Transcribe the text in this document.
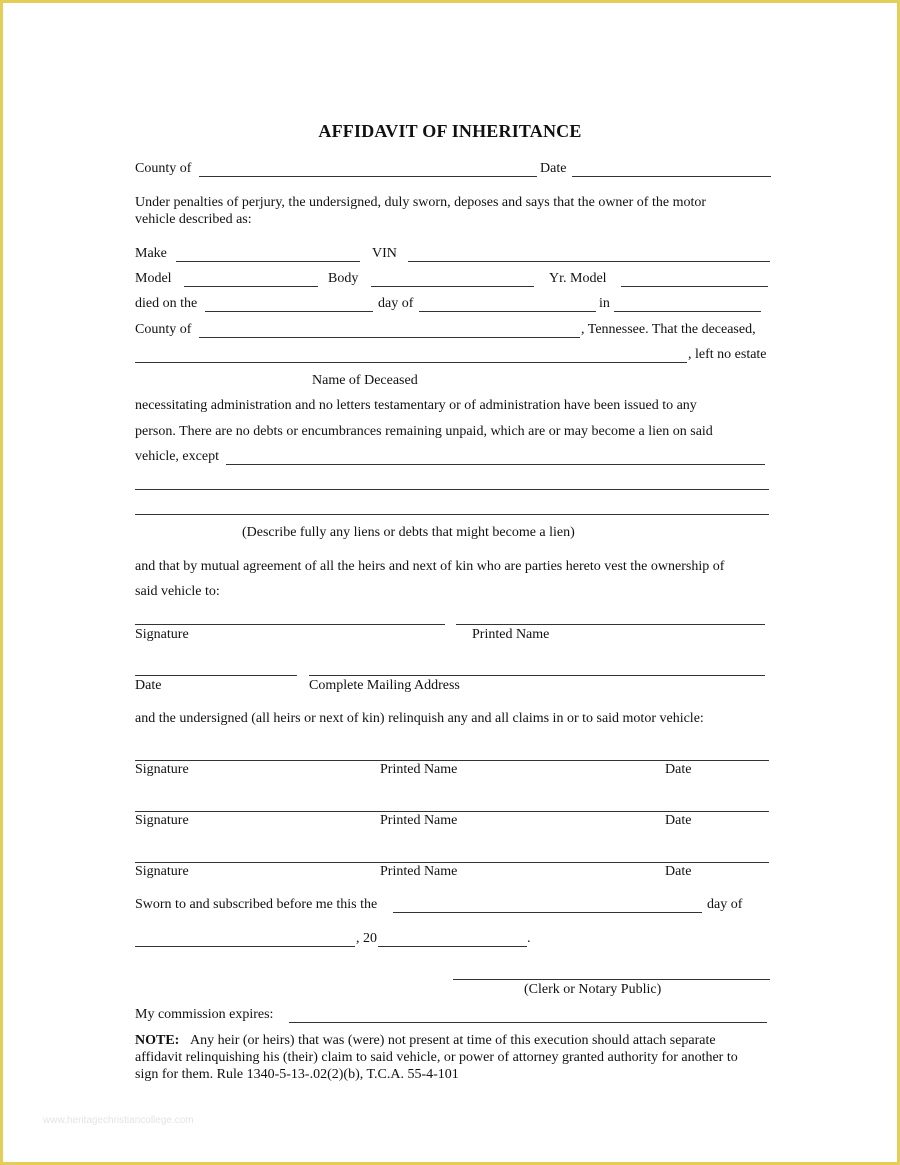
AFFIDAVIT OF INHERITANCE
County of	Date
Under penalties of perjury, the undersigned, duly sworn, deposes and says that the owner of the motor
vehicle described as:
Make	VIN
Model	Body	Yr. Model
died on the	day of	in
County of	, Tennessee. That the deceased,
, left no estate
Name of Deceased
necessitating administration and no letters testamentary or of administration have been issued to any
person. There are no debts or encumbrances remaining unpaid, which are or may become a lien on said
vehicle, except
(Describe fully any liens or debts that might become a lien)
and that by mutual agreement of all the heirs and next of kin who are parties hereto vest the ownership of
said vehicle to:
Signature	Printed Name
Date	Complete Mailing Address
and the undersigned (all heirs or next of kin) relinquish any and all claims in or to said motor vehicle:
Signature	Printed Name	Date
Signature	Printed Name	Date
Signature	Printed Name	Date
Sworn to and subscribed before me this the	day of
, 20	.
(Clerk or Notary Public)
My commission expires:
NOTE: Any heir (or heirs) that was (were) not present at time of this execution should attach separate
affidavit relinquishing his (their) claim to said vehicle, or power of attorney granted authority for another to
sign for them. Rule 1340-5-13-.02(2)(b), T.C.A. 55-4-101
www.heritagechristiancollege.com
